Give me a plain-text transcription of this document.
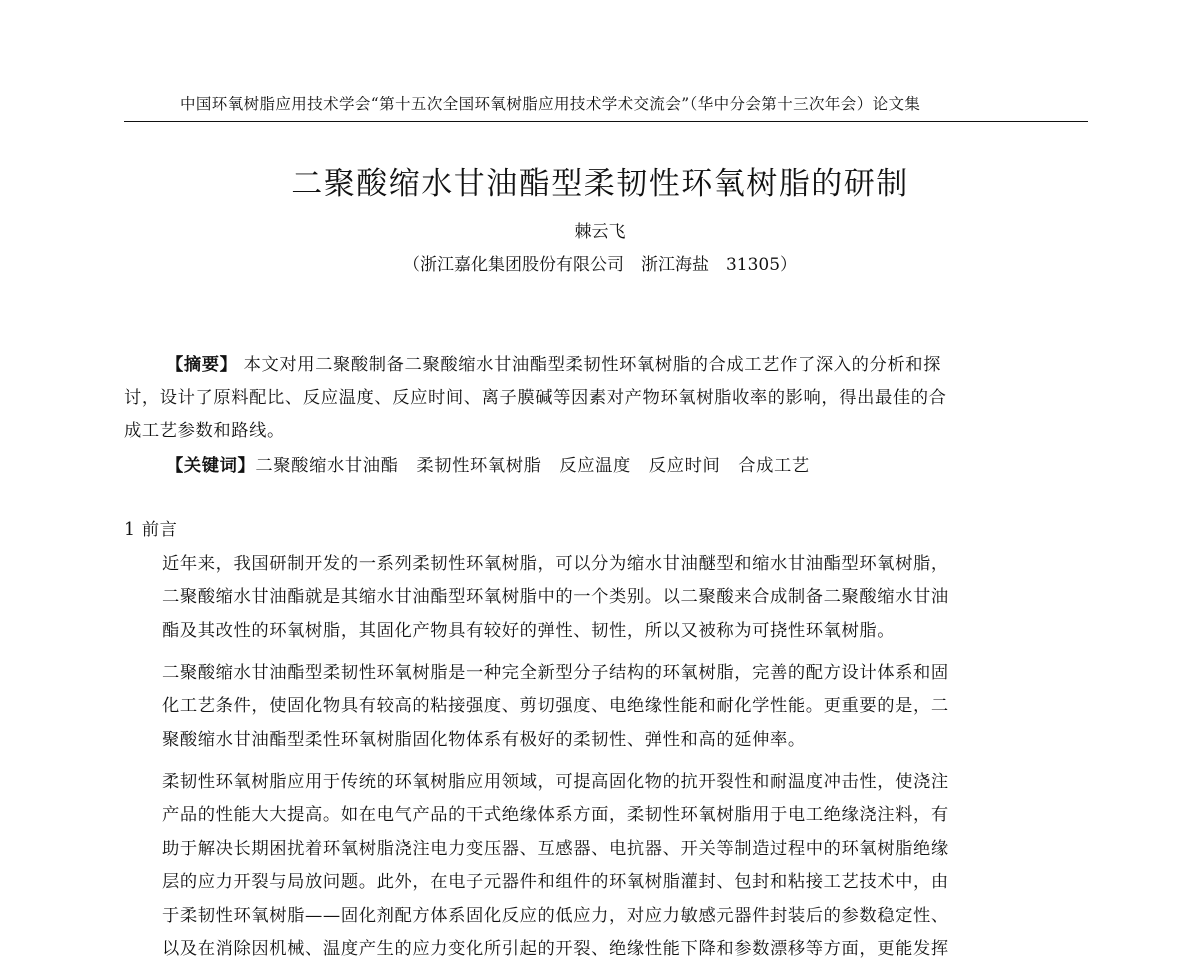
中国环氧树脂应用技术学会“第十五次全国环氧树脂应用技术学术交流会”（华中分会第十三次年会）论文集
二聚酸缩水甘油酯型柔韧性环氧树脂的研制
棘云飞
（浙江嘉化集团股份有限公司　浙江海盐　31305）
【摘要】 本文对用二聚酸制备二聚酸缩水甘油酯型柔韧性环氧树脂的合成工艺作了深入的分析和探
讨，设计了原料配比、反应温度、反应时间、离子膜碱等因素对产物环氧树脂收率的影响，得出最佳的合
成工艺参数和路线。
【关键词】二聚酸缩水甘油酯　柔韧性环氧树脂　反应温度　反应时间　合成工艺
1 前言
近年来，我国研制开发的一系列柔韧性环氧树脂，可以分为缩水甘油醚型和缩水甘油酯型环氧树脂，
二聚酸缩水甘油酯就是其缩水甘油酯型环氧树脂中的一个类别。以二聚酸来合成制备二聚酸缩水甘油
酯及其改性的环氧树脂，其固化产物具有较好的弹性、韧性，所以又被称为可挠性环氧树脂。
二聚酸缩水甘油酯型柔韧性环氧树脂是一种完全新型分子结构的环氧树脂，完善的配方设计体系和固
化工艺条件，使固化物具有较高的粘接强度、剪切强度、电绝缘性能和耐化学性能。更重要的是，二
聚酸缩水甘油酯型柔性环氧树脂固化物体系有极好的柔韧性、弹性和高的延伸率。
柔韧性环氧树脂应用于传统的环氧树脂应用领域，可提高固化物的抗开裂性和耐温度冲击性，使浇注
产品的性能大大提高。如在电气产品的干式绝缘体系方面，柔韧性环氧树脂用于电工绝缘浇注料，有
助于解决长期困扰着环氧树脂浇注电力变压器、互感器、电抗器、开关等制造过程中的环氧树脂绝缘
层的应力开裂与局放问题。此外，在电子元器件和组件的环氧树脂灌封、包封和粘接工艺技术中，由
于柔韧性环氧树脂——固化剂配方体系固化反应的低应力，对应力敏感元器件封装后的参数稳定性、
以及在消除因机械、温度产生的应力变化所引起的开裂、绝缘性能下降和参数漂移等方面，更能发挥
